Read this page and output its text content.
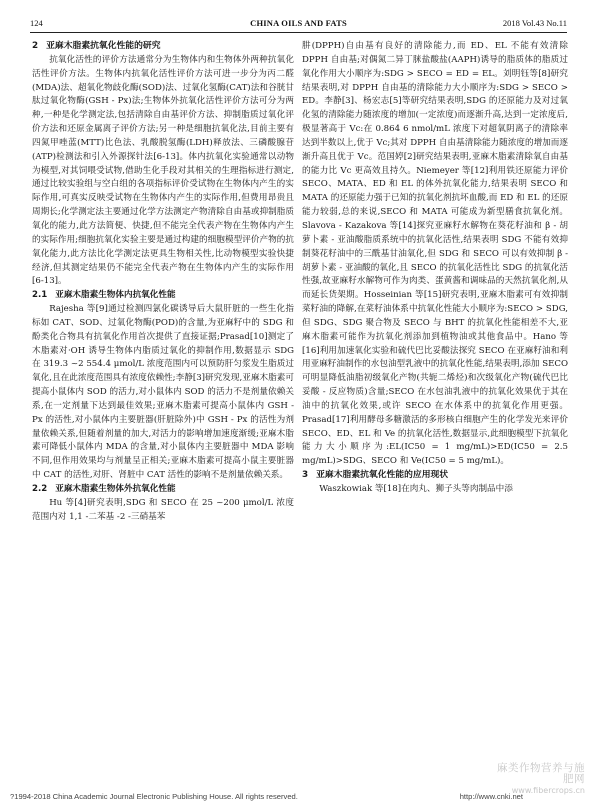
124	CHINA OILS AND FATS	2018 Vol.43 No.11
2 亚麻木脂素抗氧化性能的研究

抗氧化活性的评价方法通常分为生物体内和生物体外两种抗氧化活性评价方法。生物体内抗氧化活性评价方法可进一步分为丙二醛(MDA)法、超氧化物歧化酶(SOD)法、过氧化氢酶(CAT)法和谷胱甘肽过氧化物酶(GSH - Px)法;生物体外抗氧化活性评价方法可分为两种,一种是化学测定法,包括清除自由基评价方法、抑制脂质过氧化评价方法和还原金属离子评价方法;另一种是细胞抗氧化法,目前主要有四氮甲唑蓝(MTT)比色法、乳酸脱氢酶(LDH)释放法、三磷酸腺苷(ATP)检测法和引入外源探针法[6-13]。体内抗氧化实验通常以动物为模型,对其饲喂受试物,借助生化手段对其相关的生理指标进行测定,通过比较实验组与空白组的各项指标评价受试物在生物体内产生的实际作用,可真实反映受试物在生物体内产生的实际作用,但费用昂贵且周期长;化学测定法主要通过化学方法测定产物清除自由基或抑制脂质氧化的能力,此方法简便、快捷,但不能完全代表产物在生物体内产生的实际作用;细胞抗氧化实验主要是通过构建的细胞模型评价产物的抗氧化能力,此方法比化学测定法更具生物相关性,比动物模型实验快捷经济,但其测定结果仍不能完全代表产物在生物体内产生的实际作用[6-13]。

2.1 亚麻木脂素生物体内抗氧化性能

Rajesha 等[9]通过检测四氯化碳诱导后大鼠肝脏的一些生化指标如 CAT、SOD、过氧化物酶(POD)的含量,为亚麻籽中的 SDG 和酚类化合物具有抗氧化作用首次提供了直接证据;Prasad[10]测定了木脂素对·OH 诱导生物体内脂质过氧化的抑制作用,数据显示 SDG 在 319.3 ~2 554.4 μmol/L 浓度范围内可以预防肝匀浆发生脂质过氧化,且在此浓度范围具有浓度依赖性;李静[3]研究发现,亚麻木脂素可提高小鼠体内 SOD 的活力,对小鼠体内 SOD 的活力不是剂量依赖关系,在一定剂量下达到最佳效果;亚麻木脂素可提高小鼠体内 GSH - Px 的活性,对小鼠体内主要脏器(肝脏除外)中 GSH - Px 的活性为剂量依赖关系,但随着剂量的加大,对活力的影响增加速度渐缓;亚麻木脂素可降低小鼠体内 MDA 的含量,对小鼠体内主要脏器中 MDA 影响不同,但作用效果均与剂量呈正相关;亚麻木脂素可提高小鼠主要脏器中 CAT 的活性,对肝、肾脏中 CAT 活性的影响不是剂量依赖关系。

2.2 亚麻木脂素生物体外抗氧化性能

Hu 等[4]研究表明,SDG 和 SECO 在 25 ~200 μmol/L 浓度范围内对 1,1 -二苯基 -2 -三硝基苯

肼(DPPH)自由基有良好的清除能力,而 ED、EL 不能有效清除 DPPH 自由基;对偶氮二异丁脒盐酸盐(AAPH)诱导的脂质体的脂质过氧化作用大小顺序为:SDG > SECO = ED = EL。刘明钰等[8]研究结果表明,对 DPPH 自由基的清除能力大小顺序为:SDG > SECO > ED。李静[3]、杨宏志[5]等研究结果表明,SDG 的还原能力及对过氧化氢的清除能力随浓度的增加(一定浓度)而逐渐升高,达到一定浓度后,极显著高于 Vc:在 0.864 6 nmol/mL 浓度下对超氧阴离子的清除率达到半数以上,优于 Vc;其对 DPPH 自由基清除能力随浓度的增加而逐渐升高且优于 Vc。范国婷[2]研究结果表明,亚麻木脂素清除氧自由基的能力比 Vc 更高效且持久。Niemeyer 等[12]利用铁还原能力评价 SECO、MATA、ED 和 EL 的体外抗氧化能力,结果表明 SECO 和 MATA 的还原能力强于已知的抗氧化剂抗坏血酸,而 ED 和 EL 的还原能力较弱,总的来说,SECO 和 MATA 可能成为新型膳食抗氧化剂。Slavova - Kazakova 等[14]探究亚麻籽水解物在葵花籽油和 β - 胡萝卜素 - 亚油酸脂质系统中的抗氧化活性,结果表明 SDG 不能有效抑制葵花籽油中的三酰基甘油氧化,但 SDG 和 SECO 可以有效抑制 β - 胡萝卜素 - 亚油酸的氧化,且 SECO 的抗氧化活性比 SDG 的抗氧化活性强,故亚麻籽水解物可作为肉类、蛋黄酱和调味品的天然抗氧化剂,从而延长货架期。Hosseinian 等[15]研究表明,亚麻木脂素可有效抑制菜籽油的降解,在菜籽油体系中抗氧化性能大小顺序为:SECO > SDG,但 SDG、SDG 聚合物及 SECO 与 BHT 的抗氧化性能相差不大,亚麻木脂素可能作为抗氧化剂添加到植物油或其他食品中。Hano 等[16]利用加速氧化实验和硫代巴比妥酸法探究 SECO 在亚麻籽油和利用亚麻籽油制作的水包油型乳液中的抗氧化性能,结果表明,添加 SECO 可明显降低油脂初级氧化产物(共轭二烯烃)和次级氧化产物(硫代巴比妥酸 - 反应物质)含量;SECO 在水包油乳液中的抗氧化效果优于其在油中的抗氧化效果,或许 SECO 在水体系中的抗氧化作用更强。Prasad[17]利用酵母多糖激活的多形核白细胞产生的化学发光来评价 SECO、ED、EL 和 Ve 的抗氧化活性,数据显示,此细胞模型下抗氧化能力大小顺序为:EL(IC50 = 1 mg/mL)>ED(IC50 = 2.5 mg/mL)>SDG、SECO 和 Ve(IC50 = 5 mg/mL)。

3 亚麻木脂素抗氧化性能的应用现状

Waszkowiak 等[18]在肉丸、狮子头等肉制品中添

?1994-2018 China Academic Journal Electronic Publishing House. All rights reserved.	http://www.cnki.net
麻类作物营养与施肥网
www.fibercrops.cn
